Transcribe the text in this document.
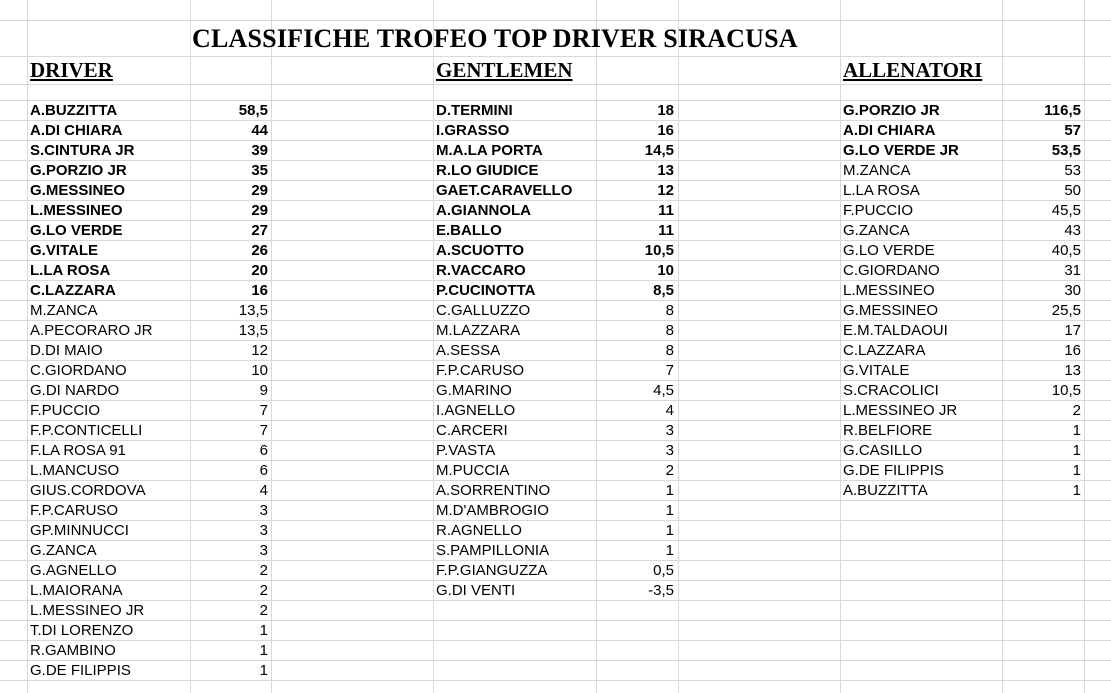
CLASSIFICHE TROFEO TOP DRIVER SIRACUSA
DRIVER
A.BUZZITTA	58,5
A.DI CHIARA	44
S.CINTURA JR	39
G.PORZIO JR	35
G.MESSINEO	29
L.MESSINEO	29
G.LO VERDE	27
G.VITALE	26
L.LA ROSA	20
C.LAZZARA	16
M.ZANCA	13,5
A.PECORARO JR	13,5
D.DI MAIO	12
C.GIORDANO	10
G.DI NARDO	9
F.PUCCIO	7
F.P.CONTICELLI	7
F.LA ROSA 91	6
L.MANCUSO	6
GIUS.CORDOVA	4
F.P.CARUSO	3
GP.MINNUCCI	3
G.ZANCA	3
G.AGNELLO	2
L.MAIORANA	2
L.MESSINEO JR	2
T.DI LORENZO	1
R.GAMBINO	1
G.DE FILIPPIS	1
GENTLEMEN
D.TERMINI	18
I.GRASSO	16
M.A.LA PORTA	14,5
R.LO GIUDICE	13
GAET.CARAVELLO	12
A.GIANNOLA	11
E.BALLO	11
A.SCUOTTO	10,5
R.VACCARO	10
P.CUCINOTTA	8,5
C.GALLUZZO	8
M.LAZZARA	8
A.SESSA	8
F.P.CARUSO	7
G.MARINO	4,5
I.AGNELLO	4
C.ARCERI	3
P.VASTA	3
M.PUCCIA	2
A.SORRENTINO	1
M.D'AMBROGIO	1
R.AGNELLO	1
S.PAMPILLONIA	1
F.P.GIANGUZZA	0,5
G.DI VENTI	-3,5
ALLENATORI
G.PORZIO JR	116,5
A.DI CHIARA	57
G.LO VERDE JR	53,5
M.ZANCA	53
L.LA ROSA	50
F.PUCCIO	45,5
G.ZANCA	43
G.LO VERDE	40,5
C.GIORDANO	31
L.MESSINEO	30
G.MESSINEO	25,5
E.M.TALDAOUI	17
C.LAZZARA	16
G.VITALE	13
S.CRACOLICI	10,5
L.MESSINEO JR	2
R.BELFIORE	1
G.CASILLO	1
G.DE FILIPPIS	1
A.BUZZITTA	1
